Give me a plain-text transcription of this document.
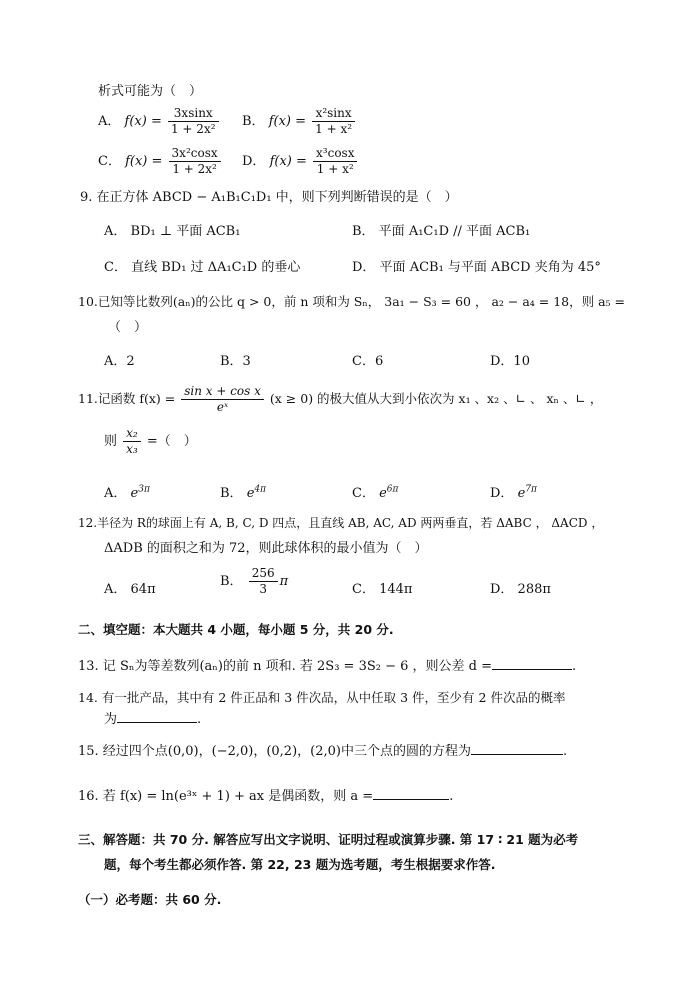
析式可能为（　）
A． $f(x) = \frac{3xsinx}{\text{1 + 2x²}}$ B． $f(x) = \frac{\text{x²sinx}}{\text{1 + x²}}$
C． $f(x) = \frac{\text{3x²cosx}}{\text{1 + 2x²}}$ D． $f(x) = \frac{\text{x³cosx}}{\text{1 + x²}}$
9. 在正方体 ABCD − A₁B₁C₁D₁ 中，则下列判断错误的是（　）
A． BD₁ ⊥ 平面 ACB₁	B． 平面 A₁C₁D // 平面 ACB₁
C． 直线 BD₁ 过 ΔA₁C₁D 的垂心	D． 平面 ACB₁ 与平面 ABCD 夹角为 45°
10.已知等比数列(aₙ)的公比 q > 0，前 n 项和为 Sₙ， 3a₁ − S₃ = 60 ， a₂ − a₄ = 18，则 a₅ =
（　）
A．2	B．3	C．6	D．10
11.记函数 $f(x) = \frac{\text{sin x + cos x}}{\text{eˣ}} (x \ge 0)$ 的极大值从大到小依次为 x₁ 、x₂ 、∟ 、 xₙ 、∟ ，
则 $\frac{\text{x₂}}{\text{x₃}}$ =（　）
A． $e^{3\pi}$	B． $e^{4\pi}$	C． $e^{6\pi}$	D． $e^{7\pi}$
12.半径为 R的球面上有 A, B, C, D 四点，且直线 AB, AC, AD 两两垂直，若 ΔABC ， ΔACD ，
ΔADB 的面积之和为 72，则此球体积的最小值为（　）
A． 64π
B． $\frac{256}{3}$ π
C． 144π	D． 288π
二、填空题：本大题共 4 小题，每小题 5 分，共 20 分.
13. 记 Sₙ为等差数列(aₙ)的前 n 项和. 若 2S₃ = 3S₂ − 6 ，则公差 d =	.
14. 有一批产品，其中有 2 件正品和 3 件次品，从中任取 3 件，至少有 2 件次品的概率
为	.
15. 经过四个点(0,0)，(−2,0)，(0,2)，(2,0)中三个点的圆的方程为	.
16. 若 f(x) = ln(e³ˣ + 1) + ax 是偶函数，则 a =	.
三、解答题：共 70 分. 解答应写出文字说明、证明过程或演算步骤. 第 17 ∶ 21 题为必考
题，每个考生都必须作答. 第 22, 23 题为选考题，考生根据要求作答.
（一）必考题：共 60 分.
